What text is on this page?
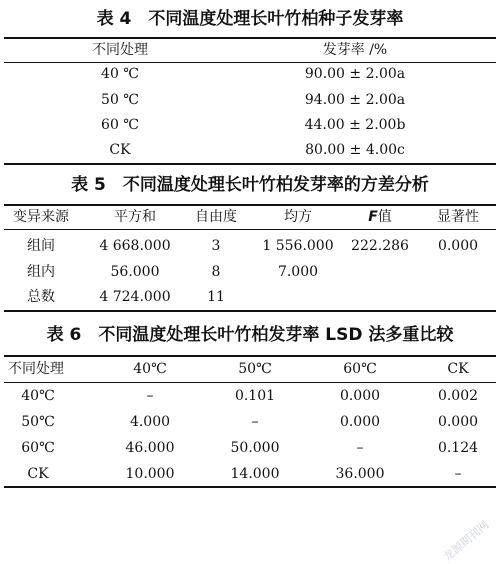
表 4　不同温度处理长叶竹柏种子发芽率
不同处理	发芽率 /%
40 ℃	90.00 ± 2.00a
50 ℃	94.00 ± 2.00a
60 ℃	44.00 ± 2.00b
CK	80.00 ± 4.00c
表 5　不同温度处理长叶竹柏发芽率的方差分析
变异来源	平方和	自由度	均方	F值	显著性
组间	4 668.000	3	1 556.000	222.286	0.000
组内	56.000	8	7.000
总数	4 724.000	11
表 6　不同温度处理长叶竹柏发芽率 LSD 法多重比较
不同处理	40℃	50℃	60℃	CK
40℃	–	0.101	0.000	0.002
50℃	4.000	–	0.000	0.000
60℃	46.000	50.000	–	0.124
CK	10.000	14.000	36.000	–
龙源期刊网
